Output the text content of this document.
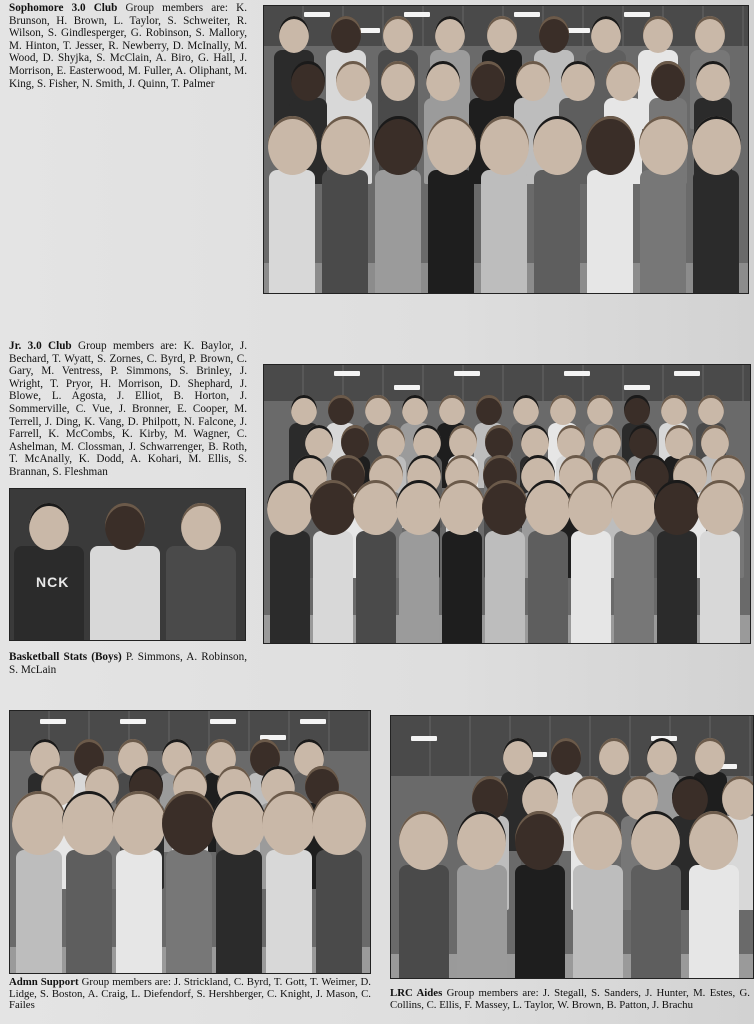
Sophomore 3.0 Club Group members are: K. Brunson, H. Brown, L. Taylor, S. Schweiter, R. Wilson, S. Gindlesperger, G. Robinson, S. Mallory, M. Hinton, T. Jesser, R. Newberry, D. McInally, M. Wood, D. Shyjka, S. McClain, A. Biro, G. Hall, J. Morrison, E. Easterwood, M. Fuller, A. Oliphant, M. King, S. Fisher, N. Smith, J. Quinn, T. Palmer

Jr. 3.0 Club Group members are: K. Baylor, J. Bechard, T. Wyatt, S. Zornes, C. Byrd, P. Brown, C. Gary, M. Ventress, P. Simmons, S. Brinley, J. Wright, T. Pryor, H. Morrison, D. Shephard, J. Blowe, L. Agosta, J. Elliot, B. Horton, J. Sommerville, C. Vue, J. Bronner, E. Cooper, M. Terrell, J. Ding, K. Vang, D. Philpott, N. Falcone, J. Farrell, K. McCombs, K. Kirby, M. Wagner, C. Ashelman, M. Clossman, J. Schwarrenger, B. Roth, T. McAnally, K. Dodd, A. Kohari, M. Ellis, S. Brannan, S. Fleshman

NCK

Basketball Stats (Boys) P. Simmons, A. Robinson, S. McLain

Admn Support Group members are: J. Strickland, C. Byrd, T. Gott, T. Weimer, D. Lidge, S. Boston, A. Craig, L. Diefendorf, S. Hershberger, C. Knight, J. Mason, C. Failes

LRC Aides Group members are: J. Stegall, S. Sanders, J. Hunter, M. Estes, G. Collins, C. Ellis, F. Massey, L. Taylor, W. Brown, B. Patton, J. Brachu
